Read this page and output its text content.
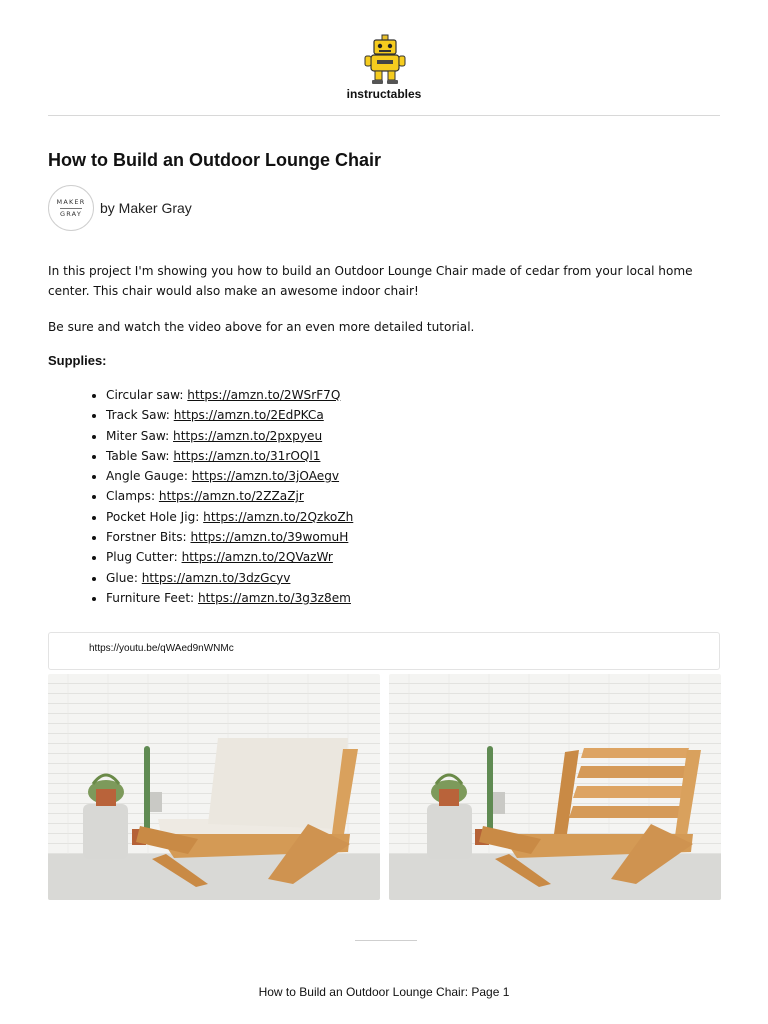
instructables
How to Build an Outdoor Lounge Chair
MAKER
GRAY by Maker Gray

In this project I'm showing you how to build an Outdoor Lounge Chair made of cedar from your local home center. This chair would also make an awesome indoor chair!

Be sure and watch the video above for an even more detailed tutorial.

Supplies:
• Circular saw: https://amzn.to/2WSrF7Q
• Track Saw: https://amzn.to/2EdPKCa
• Miter Saw: https://amzn.to/2pxpyeu
• Table Saw: https://amzn.to/31rOQl1
• Angle Gauge: https://amzn.to/3jOAegv
• Clamps: https://amzn.to/2ZZaZjr
• Pocket Hole Jig: https://amzn.to/2QzkoZh
• Forstner Bits: https://amzn.to/39womuH
• Plug Cutter: https://amzn.to/2QVazWr
• Glue: https://amzn.to/3dzGcyv
• Furniture Feet: https://amzn.to/3g3z8em
https://youtu.be/qWAed9nWNMc
How to Build an Outdoor Lounge Chair: Page 1
